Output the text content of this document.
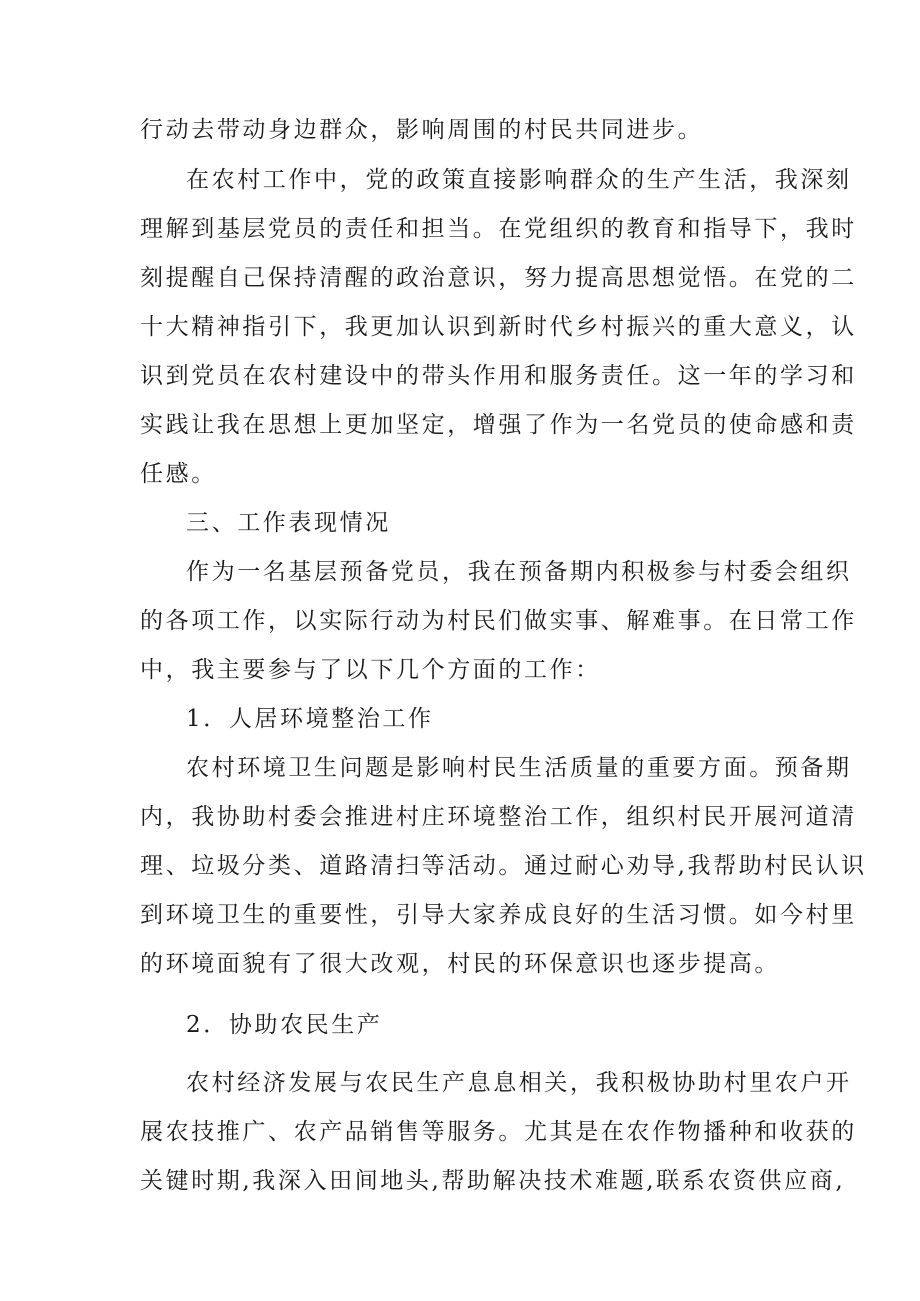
行动去带动身边群众，影响周围的村民共同进步。
在农村工作中，党的政策直接影响群众的生产生活，我深刻
理解到基层党员的责任和担当。在党组织的教育和指导下，我时
刻提醒自己保持清醒的政治意识，努力提高思想觉悟。在党的二
十大精神指引下，我更加认识到新时代乡村振兴的重大意义，认
识到党员在农村建设中的带头作用和服务责任。这一年的学习和
实践让我在思想上更加坚定，增强了作为一名党员的使命感和责
任感。
三、工作表现情况
作为一名基层预备党员，我在预备期内积极参与村委会组织
的各项工作，以实际行动为村民们做实事、解难事。在日常工作
中，我主要参与了以下几个方面的工作：
1．人居环境整治工作
农村环境卫生问题是影响村民生活质量的重要方面。预备期
内，我协助村委会推进村庄环境整治工作，组织村民开展河道清
理、垃圾分类、道路清扫等活动。通过耐心劝导,我帮助村民认识
到环境卫生的重要性，引导大家养成良好的生活习惯。如今村里
的环境面貌有了很大改观，村民的环保意识也逐步提高。
2．协助农民生产
农村经济发展与农民生产息息相关，我积极协助村里农户开
展农技推广、农产品销售等服务。尤其是在农作物播种和收获的
关键时期,我深入田间地头,帮助解决技术难题,联系农资供应商,
